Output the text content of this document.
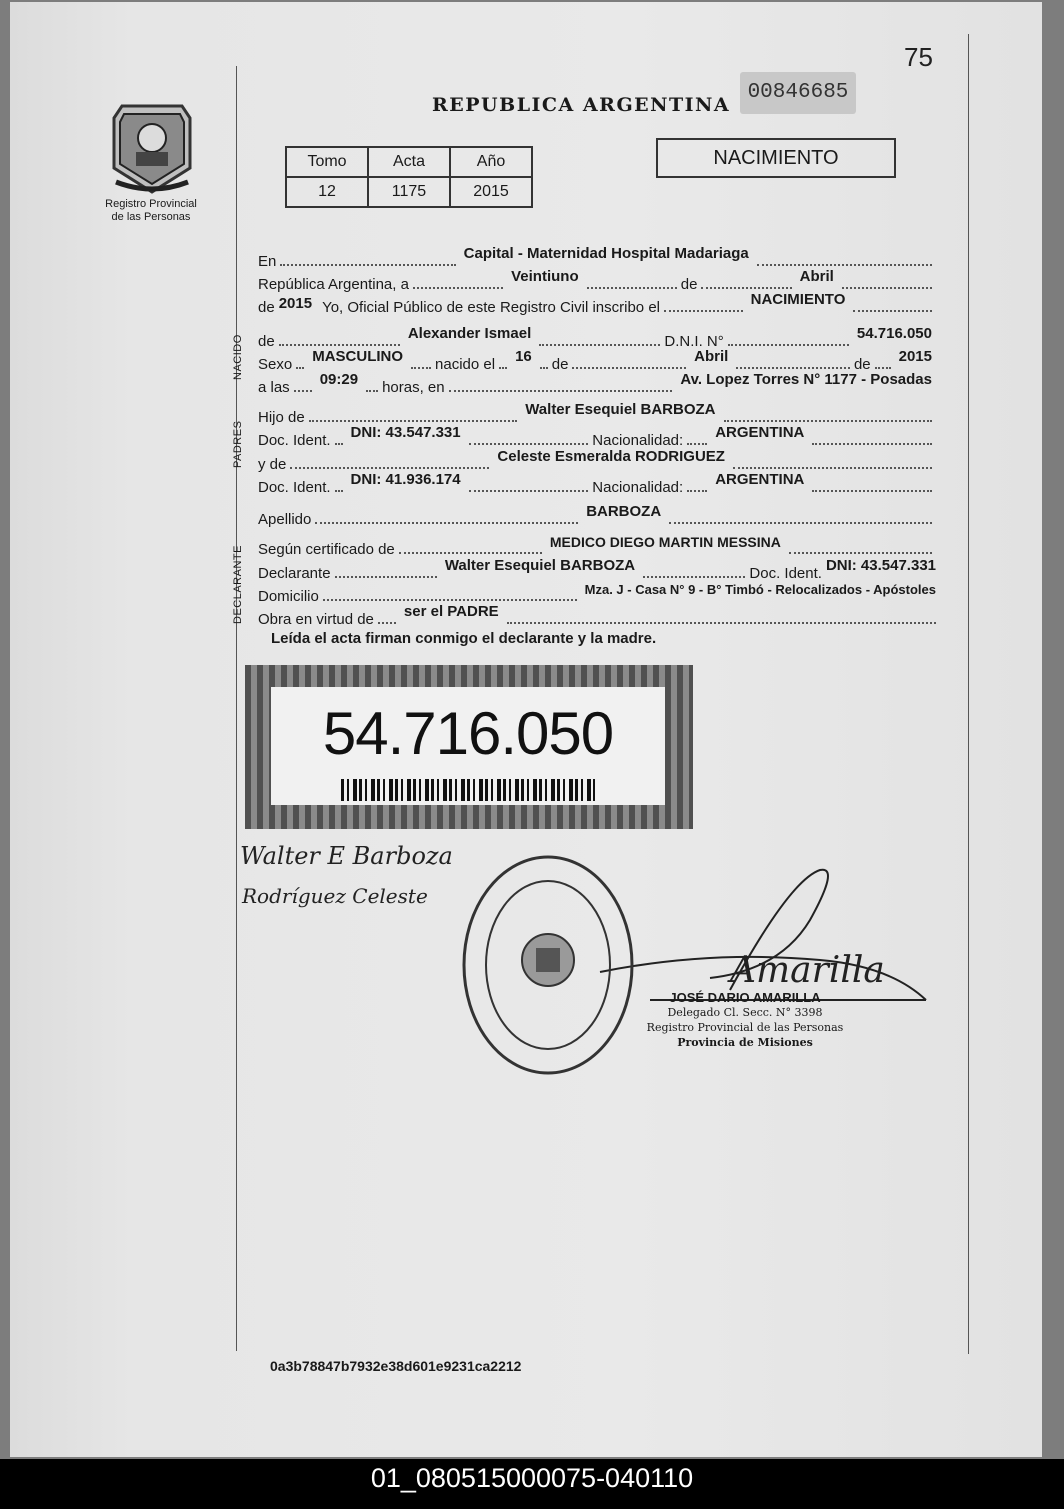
75
REPUBLICA ARGENTINA
00846685
Registro Provincial
de las Personas
Tomo	Acta	Año
12	1175	2015
NACIMIENTO
NACIDO
PADRES
DECLARANTE
En	Capital - Maternidad Hospital Madariaga
República Argentina, a	Veintiuno	de	Abril
de 2015 Yo, Oficial Público de este Registro Civil inscribo el	NACIMIENTO
de	Alexander Ismael	D.N.I. N°	54.716.050
Sexo MASCULINO nacido el 16 de	Abril	de 2015
a las 09:29 horas, en	Av. Lopez Torres N° 1177 - Posadas
Hijo de	Walter Esequiel BARBOZA
Doc. Ident. DNI: 43.547.331	Nacionalidad: ARGENTINA
y de	Celeste Esmeralda RODRIGUEZ
Doc. Ident. DNI: 41.936.174	Nacionalidad: ARGENTINA
Apellido	BARBOZA
Según certificado de	MEDICO DIEGO MARTIN MESSINA
Declarante	Walter Esequiel BARBOZA	Doc. Ident. DNI: 43.547.331
Domicilio	Mza. J - Casa N° 9 - B° Timbó - Relocalizados - Apóstoles
Obra en virtud de ser el PADRE
Leída el acta firman conmigo el declarante y la madre.
54.716.050
Walter E Barboza
Rodríguez Celeste
Amarilla
JOSÉ DARIO AMARILLA
Delegado Cl. Secc. N° 3398
Registro Provincial de las Personas
Provincia de Misiones
0a3b78847b7932e38d601e9231ca2212
01_080515000075-040110
